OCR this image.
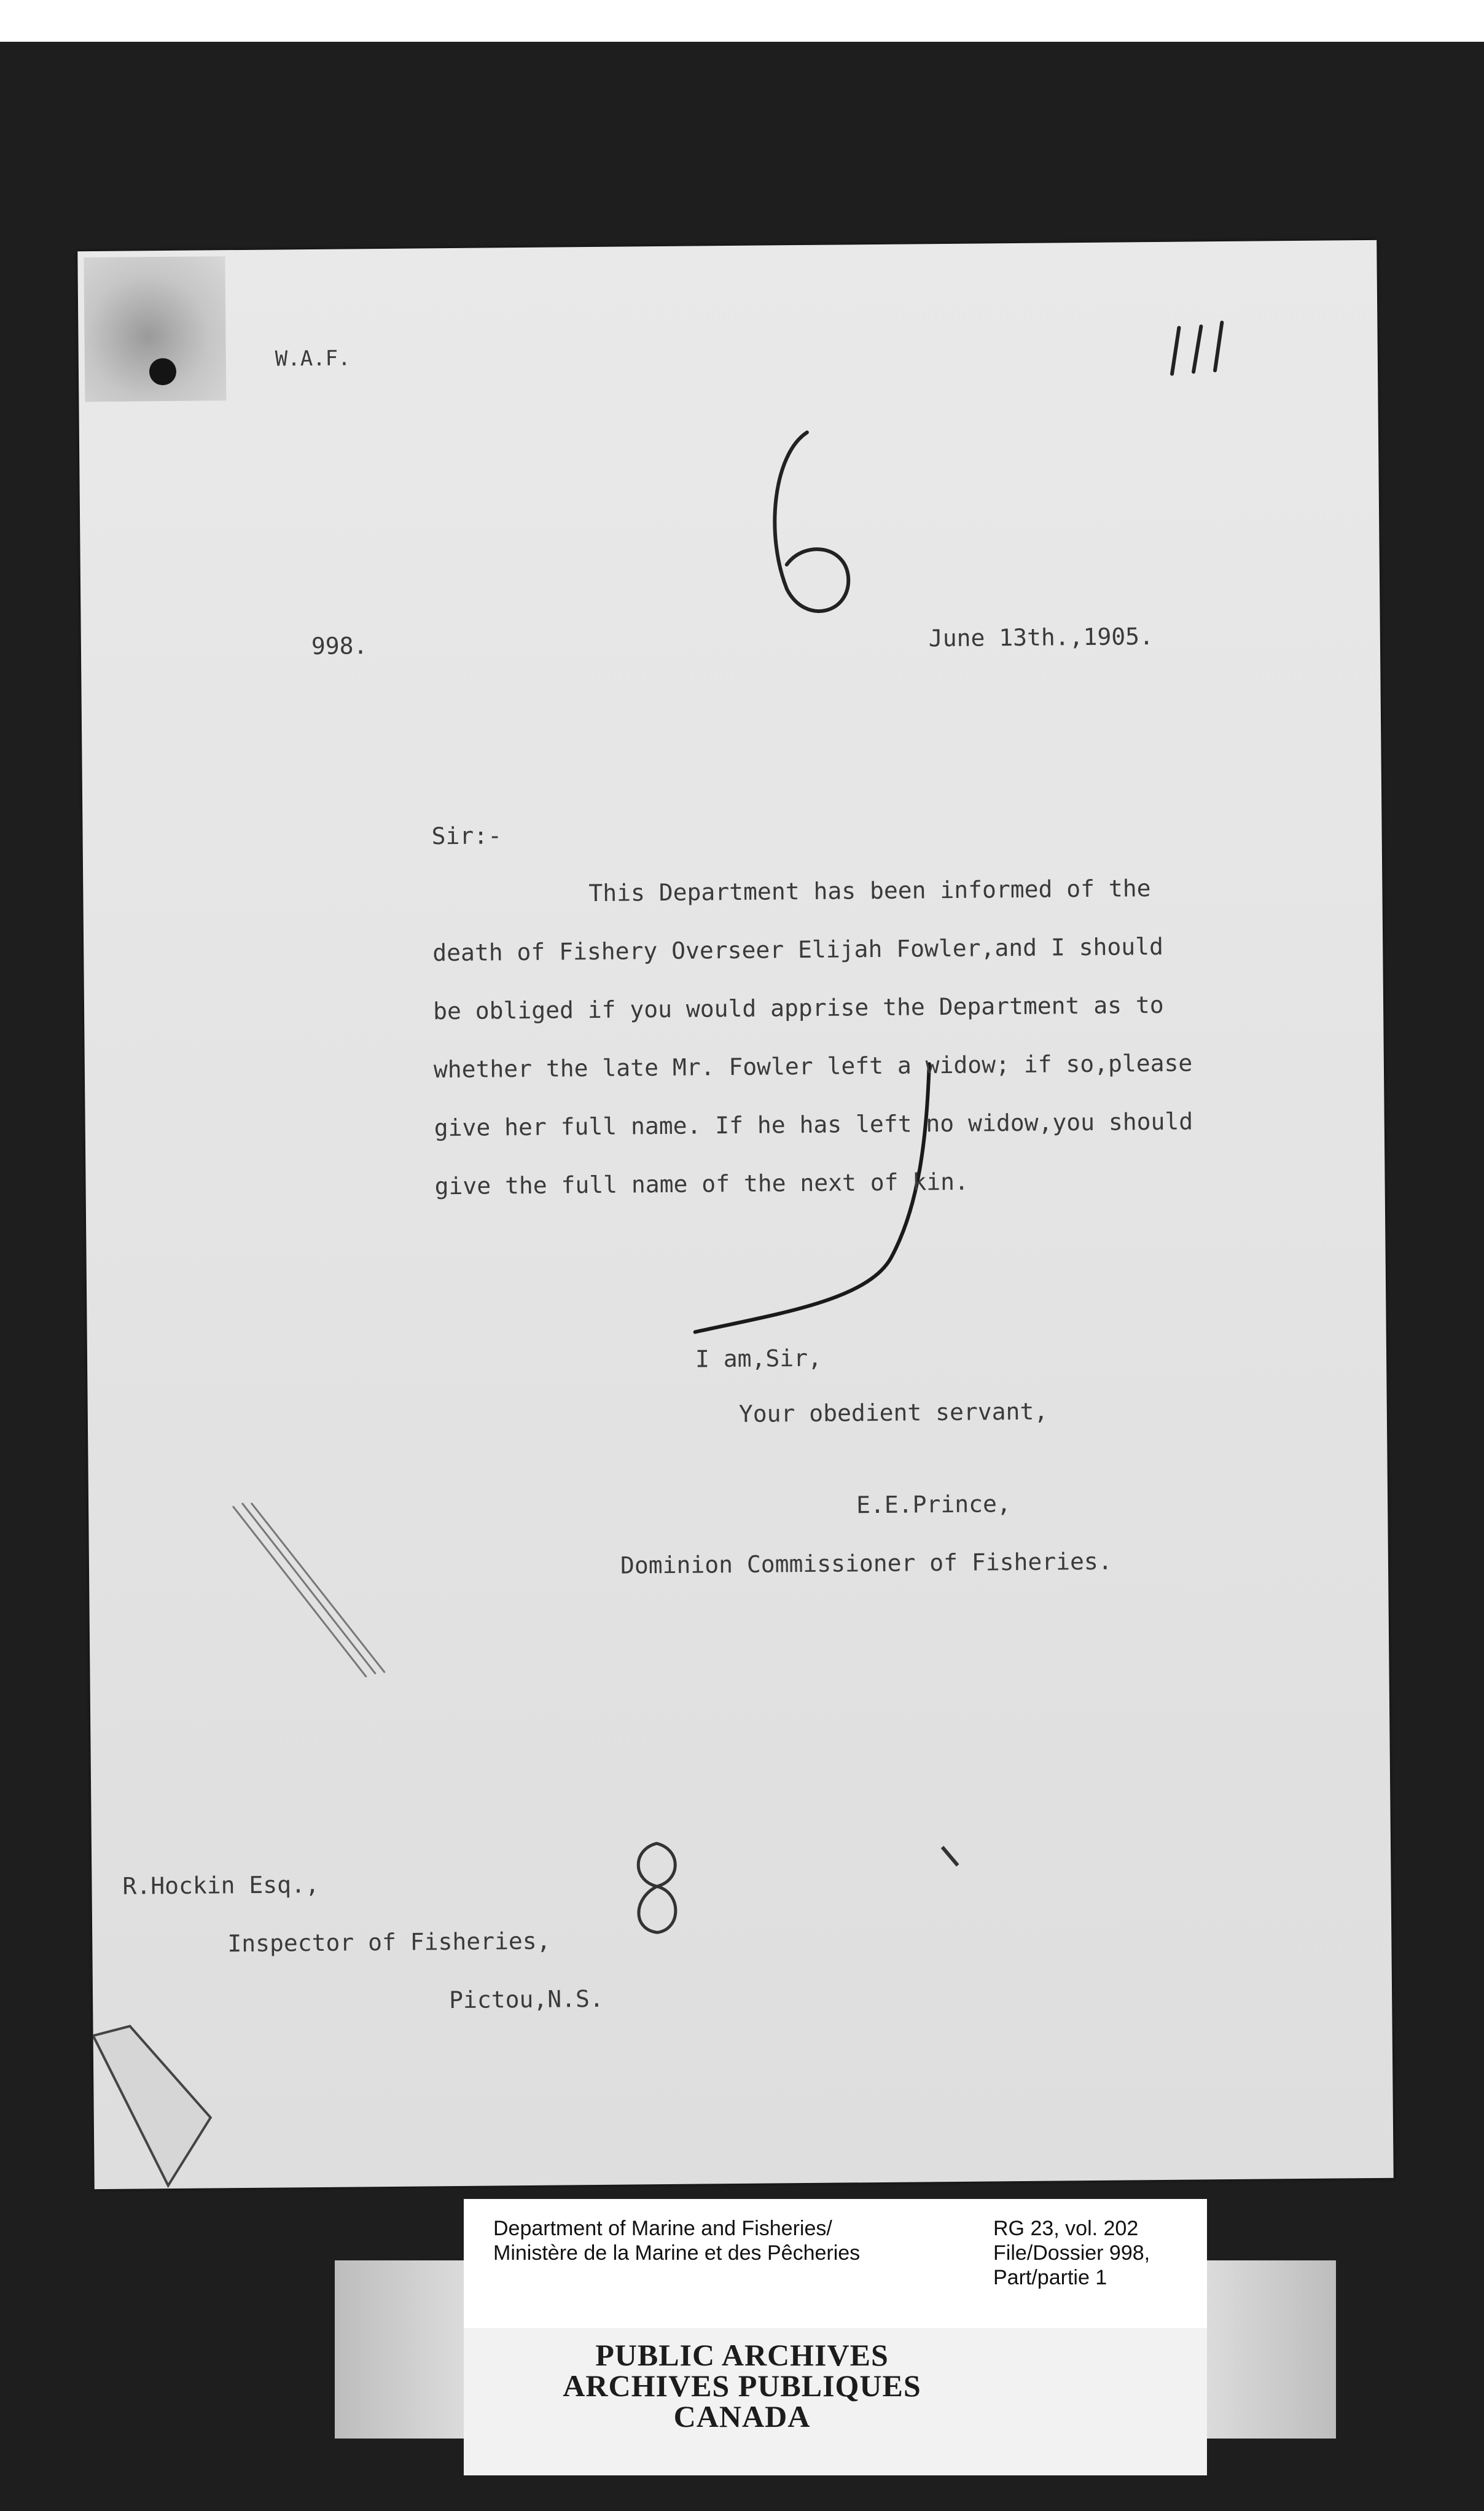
W.A.F.
998.	June 13th.,1905.
Sir:-
This Department has been informed of the
death of Fishery Overseer Elijah Fowler,and I should
be obliged if you would apprise the Department as to
whether the late Mr. Fowler left a widow; if so,please
give her full name. If he has left no widow,you should
give the full name of the next of kin.
I am,Sir,
Your obedient servant,
E.E.Prince,
Dominion Commissioner of Fisheries.
R.Hockin Esq.,
Inspector of Fisheries,
Pictou,N.S.
Department of Marine and Fisheries/
Ministère de la Marine et des Pêcheries
RG 23, vol. 202
File/Dossier 998,
Part/partie 1
PUBLIC ARCHIVES
ARCHIVES PUBLIQUES
CANADA
